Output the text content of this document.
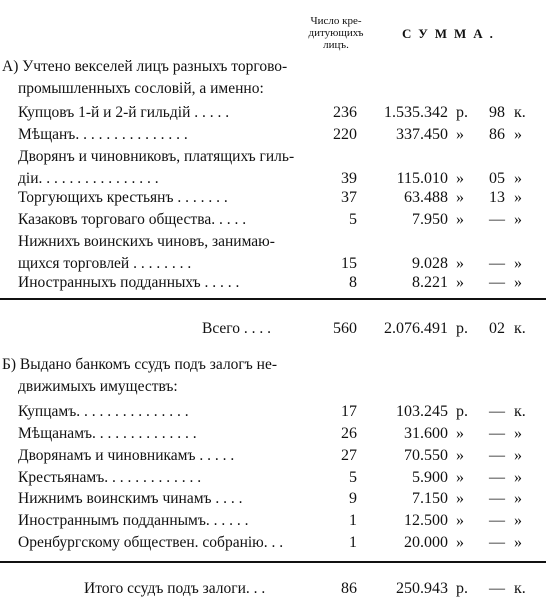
Число кре-
дитующихъ
лицъ.
СУММА.
А) Учтено векселей лицъ разныхъ торгово-
промышленныхъ сословій, а именно:
Купцовъ 1-й и 2-й гильдій . . . . .	236 1.535.342 р. 98 к.
Мѣщанъ. . . . . . . . . . . . . . .	220 337.450 » 86 »
Дворянъ и чиновниковъ, платящихъ гиль-
діи. . . . . . . . . . . . . . . .	39 115.010 » 05 »
Торгующихъ крестьянъ . . . . . . .	37	63.488 » 13 »
Казаковъ торговаго общества. . . . .	5	7.950 » — »
Нижнихъ воинскихъ чиновъ, занимаю-
щихся торговлей . . . . . . . .	15	9.028 » — »
Иностранныхъ подданныхъ . . . . .	8	8.221 » — »
Всего . . . .	560 2.076.491 р. 02 к.
Б) Выдано банкомъ ссудъ подъ залогъ не-
движимыхъ имуществъ:
Купцамъ. . . . . . . . . . . . . . .	17 103.245 р. — к.
Мѣщанамъ. . . . . . . . . . . . . .	26	31.600 » — »
Дворянамъ и чиновникамъ . . . . .	27	70.550 » — »
Крестьянамъ. . . . . . . . . . . . .	5	5.900 » — »
Нижнимъ воинскимъ чинамъ . . . .	9	7.150 » — »
Иностраннымъ подданнымъ. . . . . .	1	12.500 » — »
Оренбургскому обществен. собранію. . .	1	20.000 » — »
Итого ссудъ подъ залоги. . .	86 250.943 р. — к.
